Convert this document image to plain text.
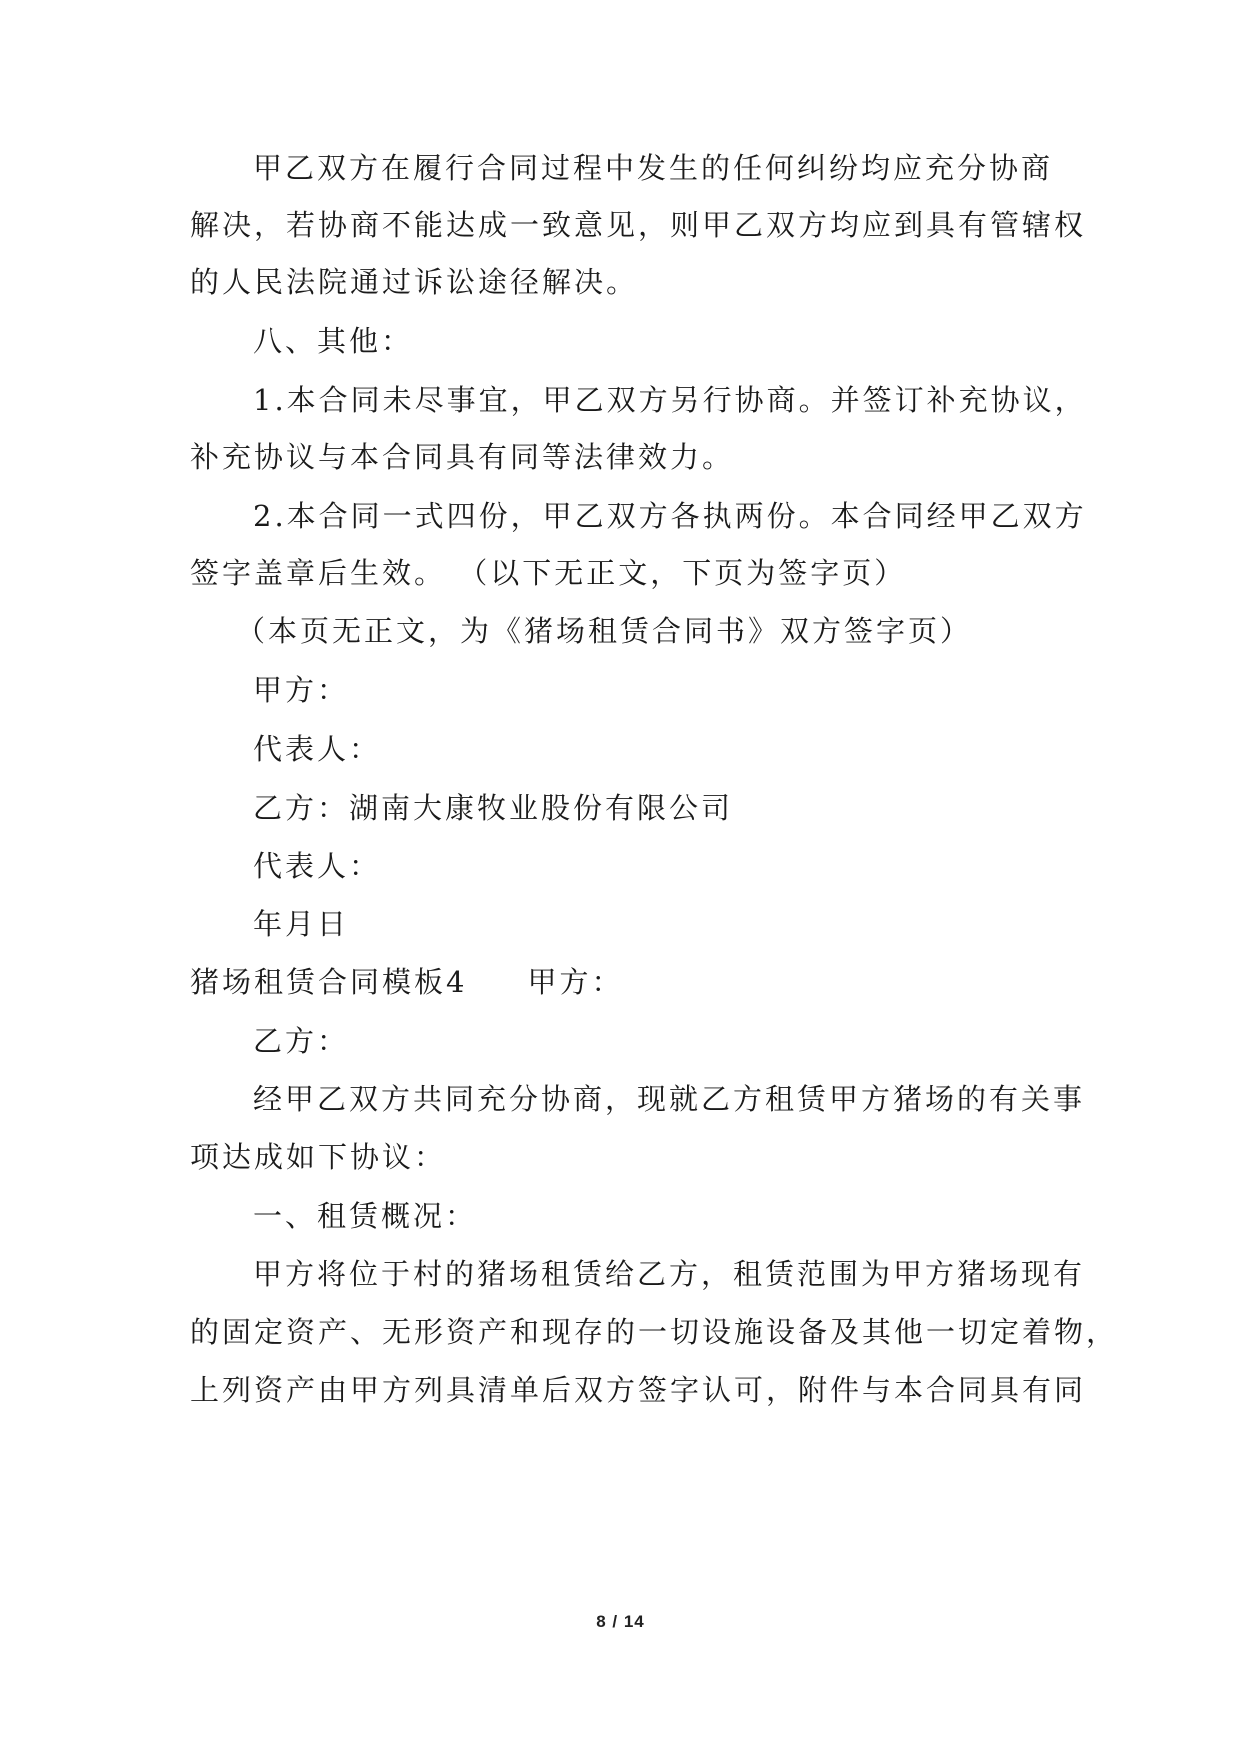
甲乙双方在履行合同过程中发生的任何纠纷均应充分协商
解决，若协商不能达成一致意见，则甲乙双方均应到具有管辖权
的人民法院通过诉讼途径解决。
八、其他：
1.本合同未尽事宜，甲乙双方另行协商。并签订补充协议，
补充协议与本合同具有同等法律效力。
2.本合同一式四份，甲乙双方各执两份。本合同经甲乙双方
签字盖章后生效。 （以下无正文，下页为签字页）
（本页无正文，为《猪场租赁合同书》双方签字页）
甲方：
代表人：
乙方：湖南大康牧业股份有限公司
代表人：
年月日
猪场租赁合同模板4 甲方：
乙方：
经甲乙双方共同充分协商，现就乙方租赁甲方猪场的有关事
项达成如下协议：
一、租赁概况：
甲方将位于村的猪场租赁给乙方，租赁范围为甲方猪场现有
的固定资产、无形资产和现存的一切设施设备及其他一切定着物，
上列资产由甲方列具清单后双方签字认可，附件与本合同具有同
8 / 14
